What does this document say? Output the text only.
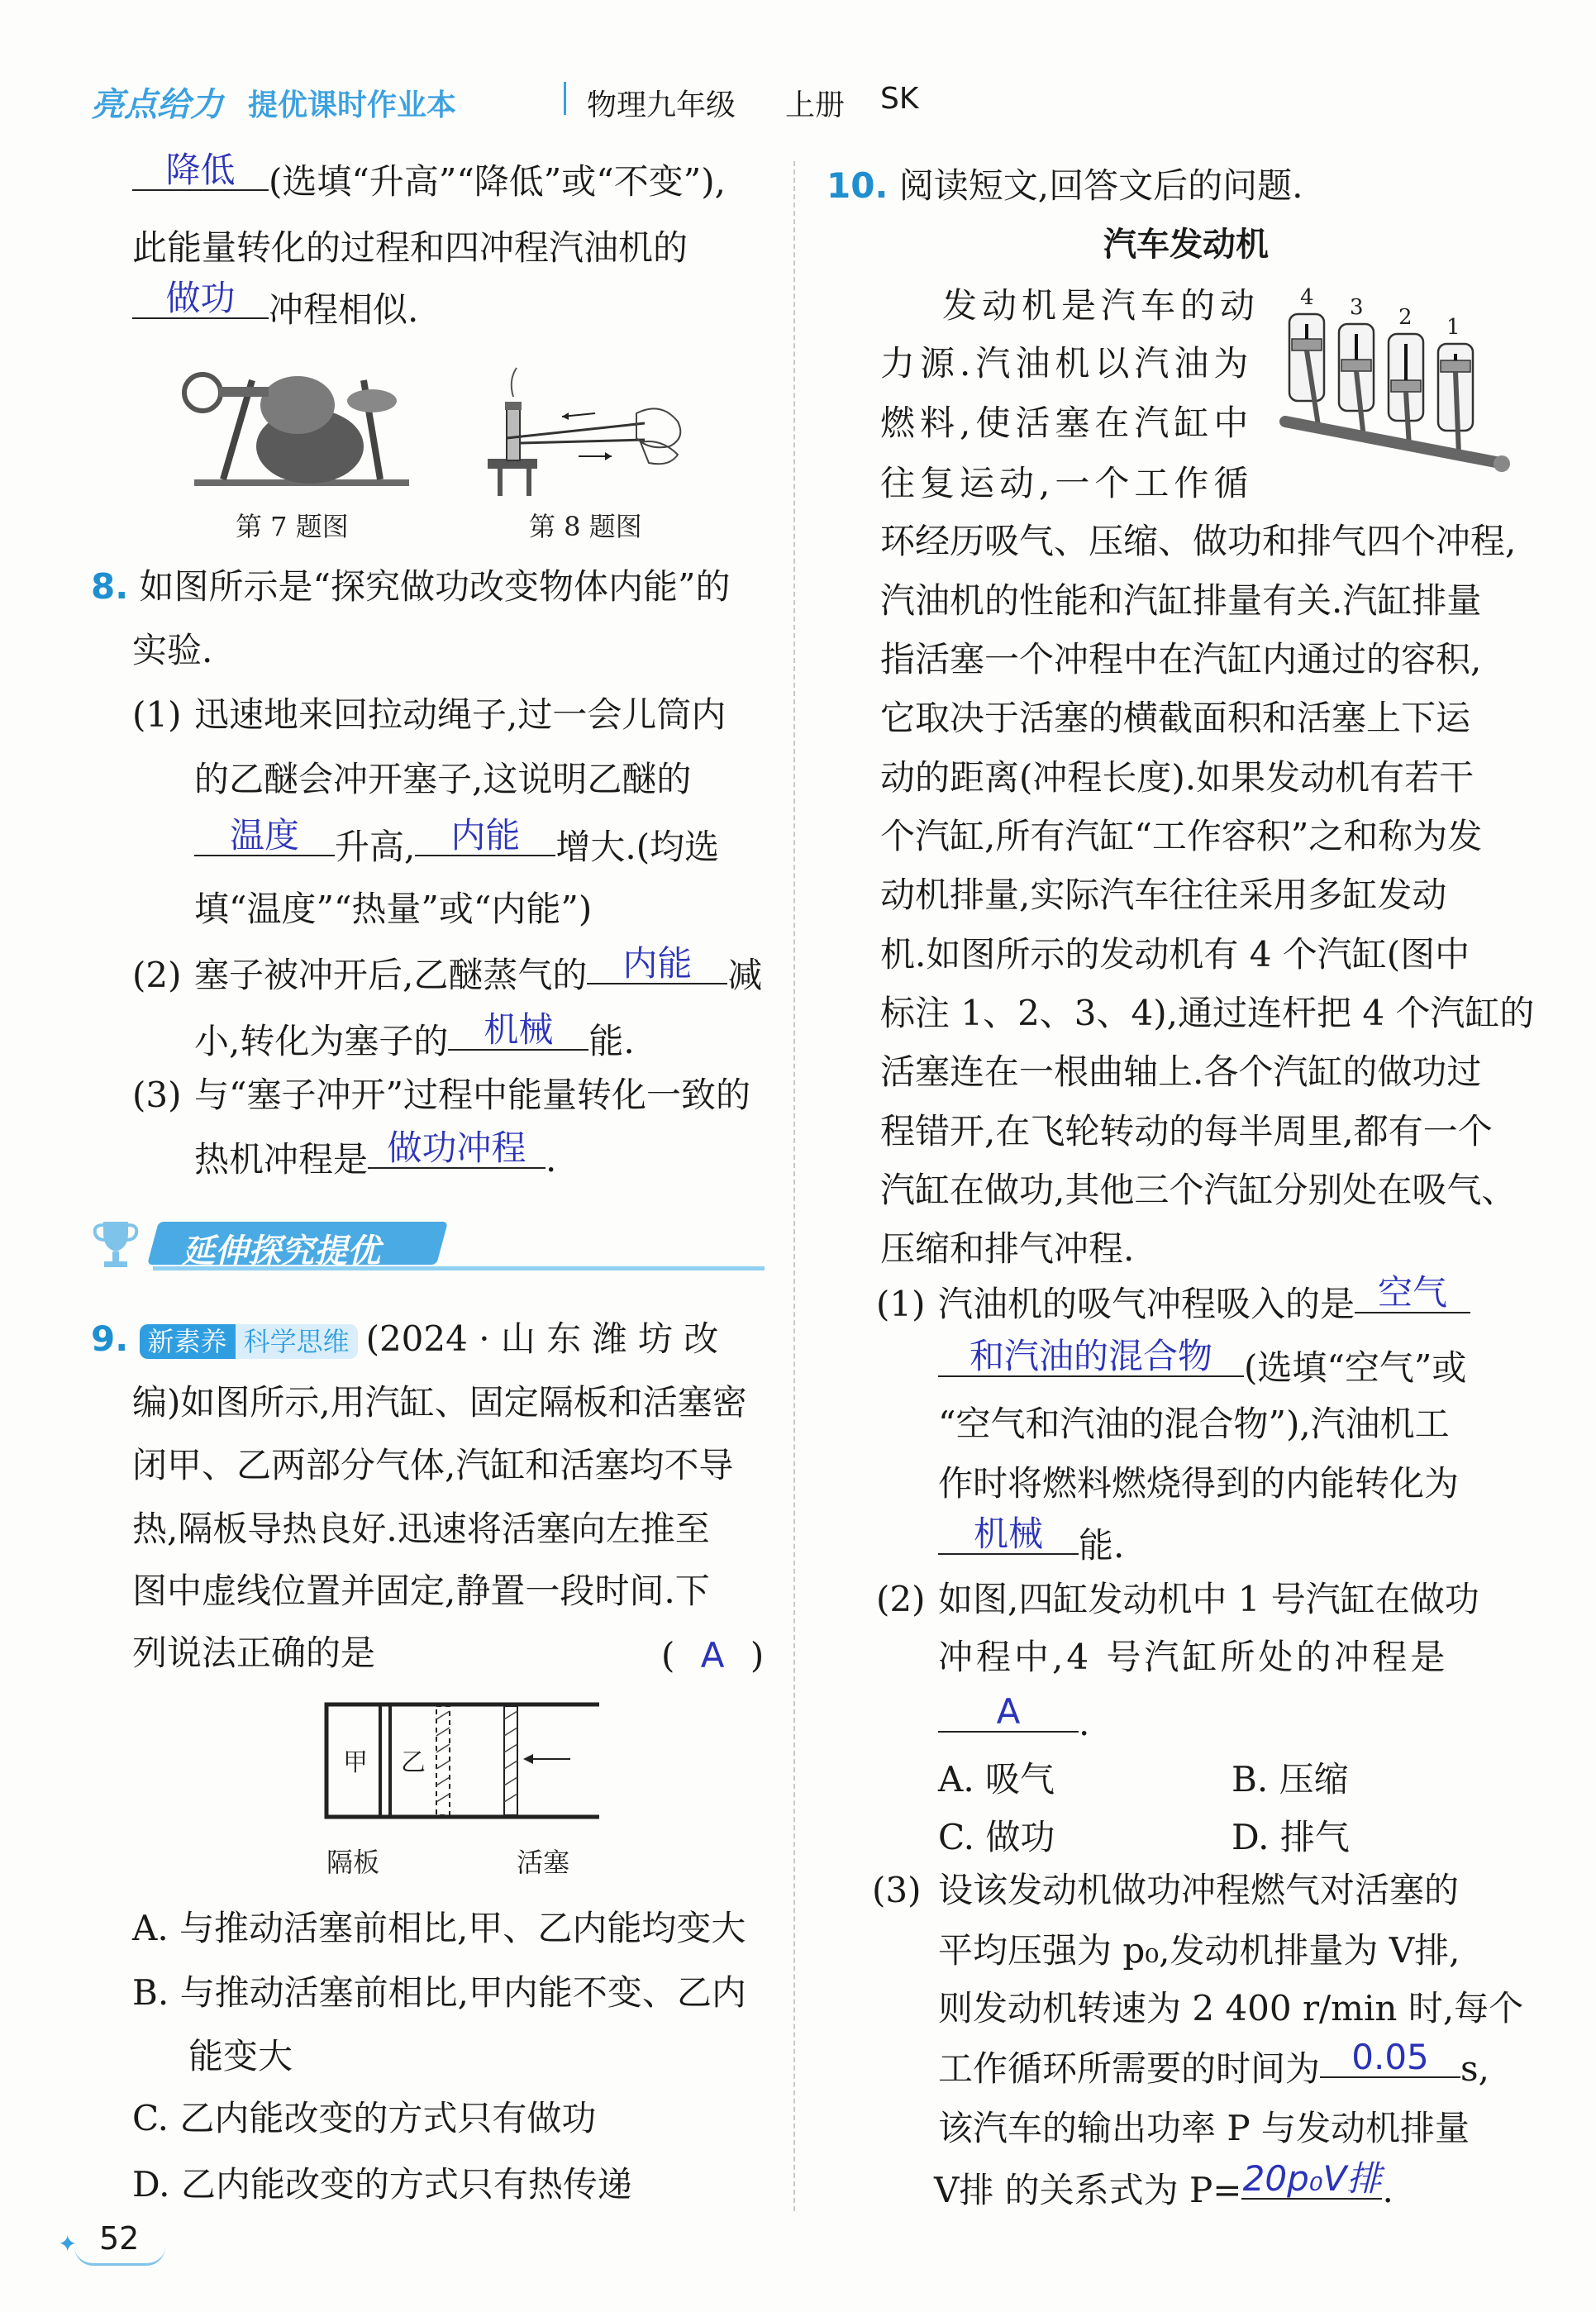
亮点给力 提优课时作业本	物理九年级 上册 SK
降低 (选填“升高”“降低”或“不变”),
此能量转化的过程和四冲程汽油机的
做功 冲程相似.
第 7 题图	第 8 题图
8. 如图所示是“探究做功改变物体内能”的
实验.
(1) 迅速地来回拉动绳子,过一会儿筒内
的乙醚会冲开塞子,这说明乙醚的
温度 升高, 内能 增大.(均选
填“温度”“热量”或“内能”)
(2) 塞子被冲开后,乙醚蒸气的 内能 减
小,转化为塞子的 机械 能.
(3) 与“塞子冲开”过程中能量转化一致的
热机冲程是 做功冲程 .
延伸探究提优
9. 新素养 科学思维 (2024 · 山 东 潍 坊 改
编)如图所示,用汽缸、固定隔板和活塞密
闭甲、乙两部分气体,汽缸和活塞均不导
热,隔板导热良好.迅速将活塞向左推至
图中虚线位置并固定,静置一段时间.下
列说法正确的是	( A )
甲 乙
隔板	活塞
A. 与推动活塞前相比,甲、乙内能均变大
B. 与推动活塞前相比,甲内能不变、乙内
能变大
C. 乙内能改变的方式只有做功
D. 乙内能改变的方式只有热传递
✦ 52
10. 阅读短文,回答文后的问题.
汽车发动机
发动机是汽车的动
力源.汽油机以汽油为
燃料,使活塞在汽缸中
往复运动,一个工作循
4 3 2 1
环经历吸气、压缩、做功和排气四个冲程,
汽油机的性能和汽缸排量有关.汽缸排量
指活塞一个冲程中在汽缸内通过的容积,
它取决于活塞的横截面积和活塞上下运
动的距离(冲程长度).如果发动机有若干
个汽缸,所有汽缸“工作容积”之和称为发
动机排量,实际汽车往往采用多缸发动
机.如图所示的发动机有 4 个汽缸(图中
标注 1、2、3、4),通过连杆把 4 个汽缸的
活塞连在一根曲轴上.各个汽缸的做功过
程错开,在飞轮转动的每半周里,都有一个
汽缸在做功,其他三个汽缸分别处在吸气、
压缩和排气冲程.
(1) 汽油机的吸气冲程吸入的是 空气
和汽油的混合物 (选填“空气”或
“空气和汽油的混合物”),汽油机工
作时将燃料燃烧得到的内能转化为
机械 能.
(2) 如图,四缸发动机中 1 号汽缸在做功
冲程中,4 号汽缸所处的冲程是
A .
A. 吸气	B. 压缩
C. 做功	D. 排气
(3) 设该发动机做功冲程燃气对活塞的
平均压强为 p₀,发动机排量为 V排,
则发动机转速为 2 400 r/min 时,每个
工作循环所需要的时间为 0.05 s,
该汽车的输出功率 P 与发动机排量
V排 的关系式为 P=20p₀V排.
